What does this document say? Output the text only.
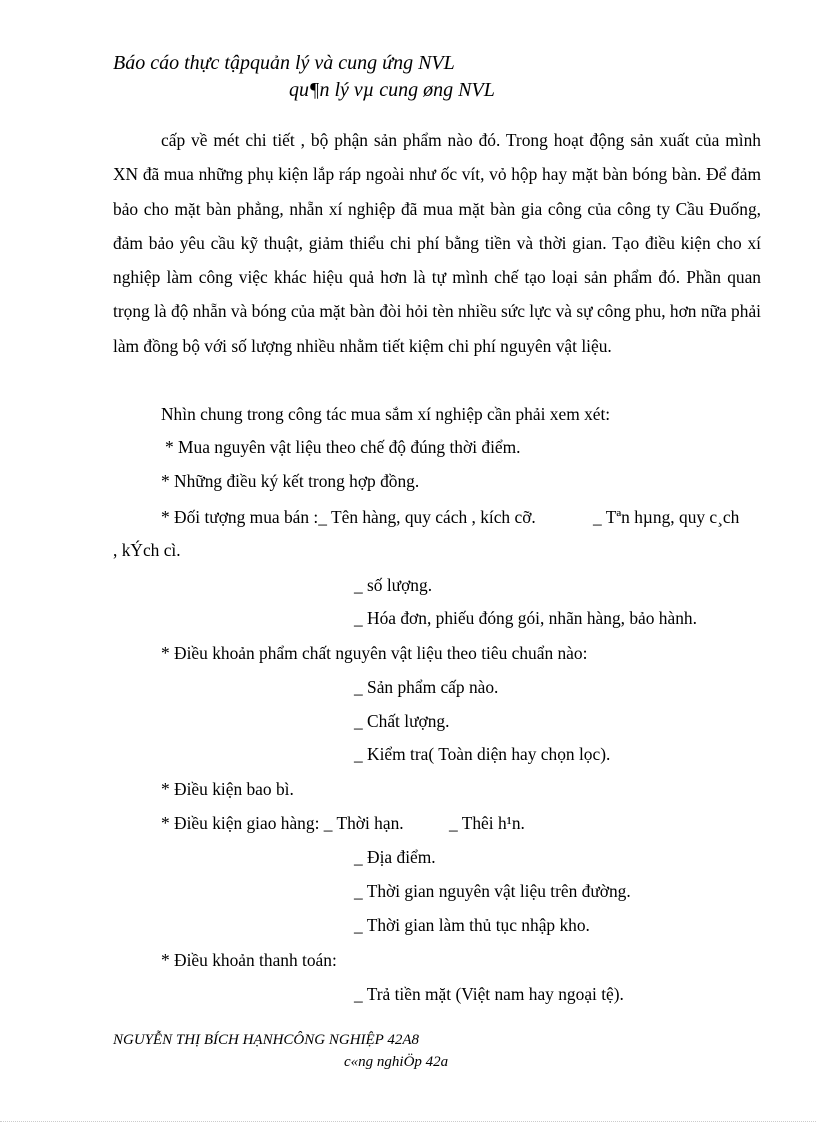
Báo cáo thực tậpquản lý và cung ứng NVL
qu¶n lý vµ cung øng NVL
cấp về mét chi tiết , bộ phận sản phẩm nào đó. Trong hoạt động sản xuất của mình XN đã mua những phụ kiện lắp ráp ngoài như ốc vít, vỏ hộp hay mặt bàn bóng bàn. Để đảm bảo cho mặt bàn phẳng, nhẵn xí nghiệp đã mua mặt bàn gia công của công ty Cầu Đuống, đảm bảo yêu cầu kỹ thuật, giảm thiểu chi phí bằng tiền và thời gian. Tạo điều kiện cho xí nghiệp làm công việc khác hiệu quả hơn là tự mình chế tạo loại sản phẩm đó. Phần quan trọng là độ nhẵn và bóng của mặt bàn đòi hỏi tèn nhiều sức lực và sự công phu, hơn nữa phải làm đồng bộ với số lượng nhiều nhằm tiết kiệm chi phí nguyên vật liệu.
Nhìn chung trong công tác mua sắm xí nghiệp cần phải xem xét:
* Mua nguyên vật liệu theo chế độ đúng thời điểm.
* Những điều ký kết trong hợp đồng.
* Đối tượng mua bán :_ Tên hàng, quy cách , kích cỡ.	_ Tªn hµng, quy c¸ch
, kÝch cì.
_ số lượng.
_ Hóa đơn, phiếu đóng gói, nhãn hàng, bảo hành.
* Điều khoản phẩm chất nguyên vật liệu theo tiêu chuẩn nào:
_ Sản phẩm cấp nào.
_ Chất lượng.
_ Kiểm tra( Toàn diện hay chọn lọc).
* Điều kiện bao bì.
* Điều kiện giao hàng: _ Thời hạn.	_ Thêi h¹n.
_ Địa điểm.
_ Thời gian nguyên vật liệu trên đường.
_ Thời gian làm thủ tục nhập kho.
* Điều khoản thanh toán:
_ Trả tiền mặt (Việt nam hay ngoại tệ).
NGUYỄN THỊ BÍCH HẠNHCÔNG NGHIỆP 42A8
c«ng nghiÖp 42a
